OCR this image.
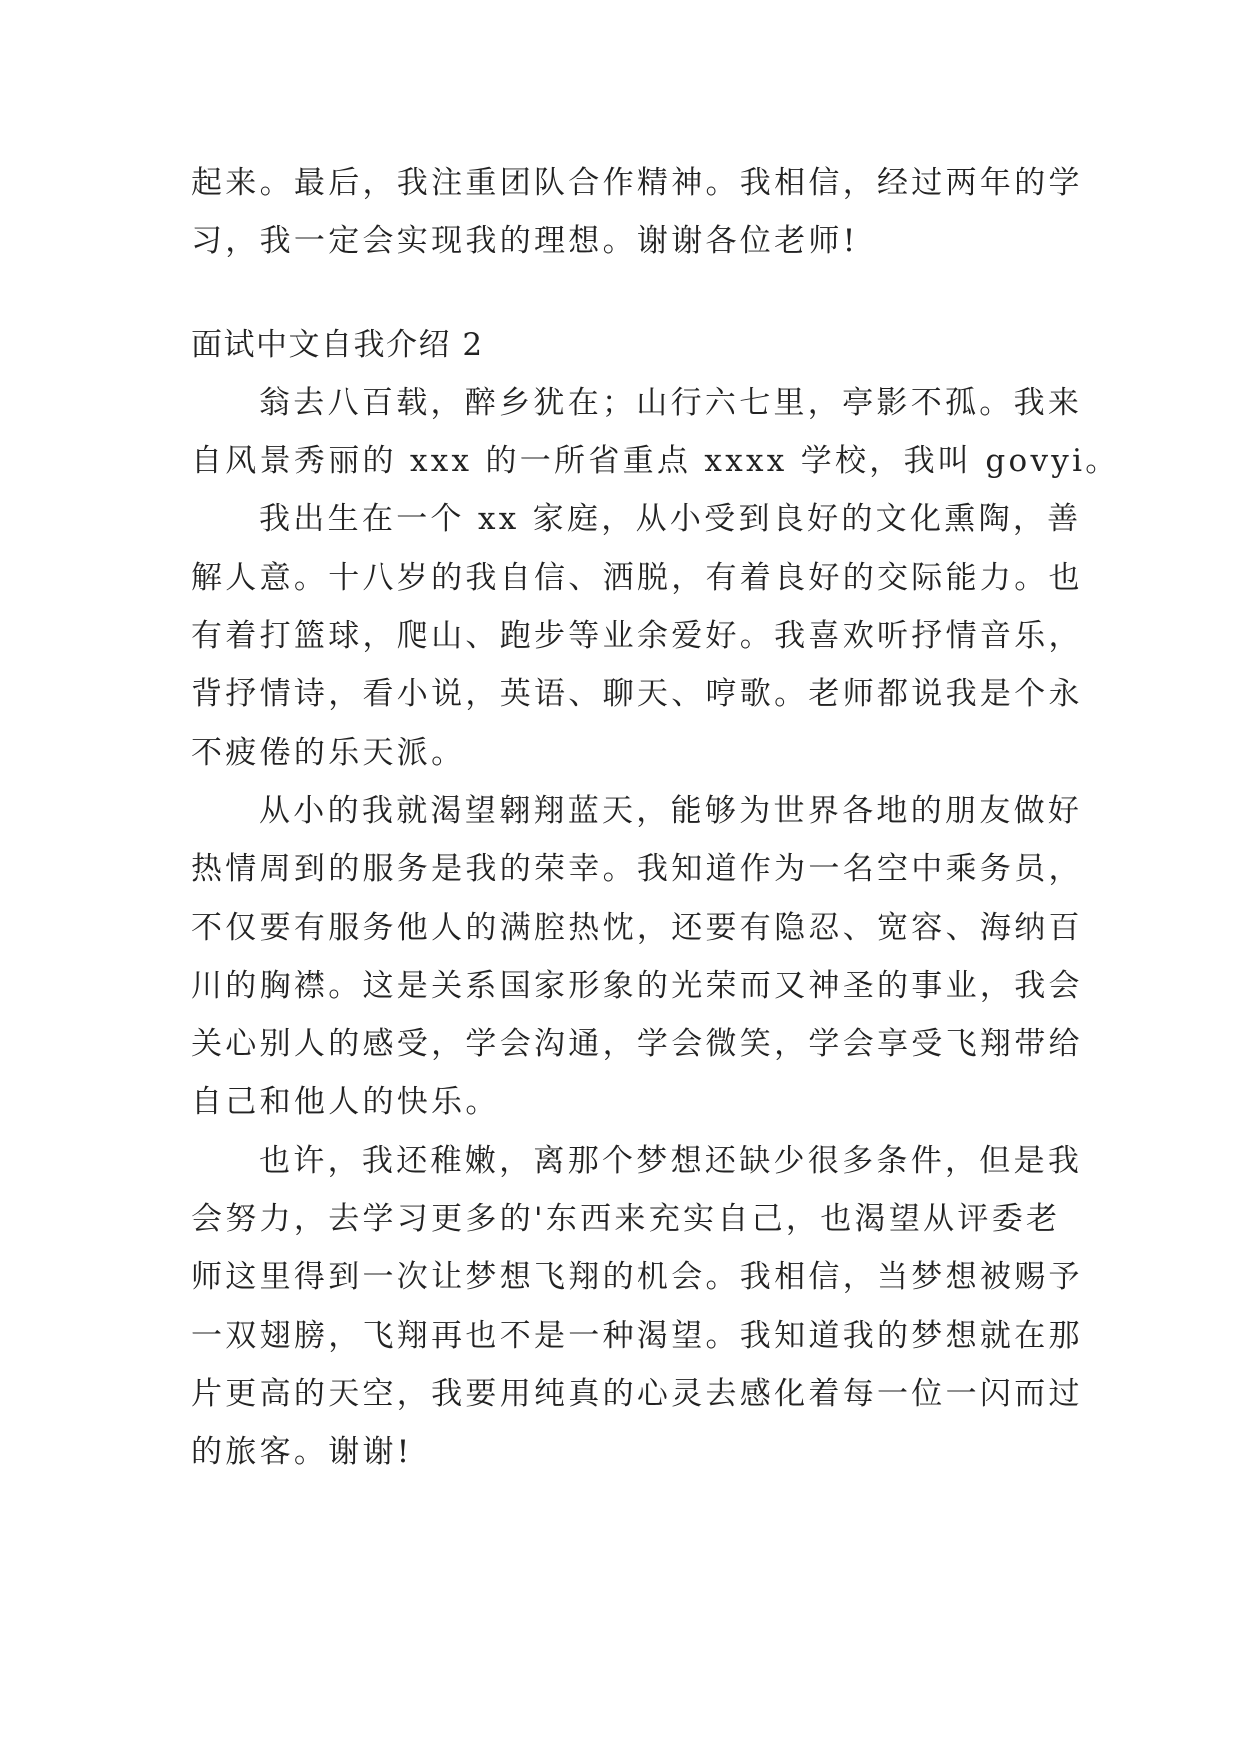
起来。最后，我注重团队合作精神。我相信，经过两年的学
习，我一定会实现我的理想。谢谢各位老师!
面试中文自我介绍 2
翁去八百载，醉乡犹在；山行六七里，亭影不孤。我来
自风景秀丽的 xxx 的一所省重点 xxxx 学校，我叫 govyi。
我出生在一个 xx 家庭，从小受到良好的文化熏陶，善
解人意。十八岁的我自信、洒脱，有着良好的交际能力。也
有着打篮球，爬山、跑步等业余爱好。我喜欢听抒情音乐，
背抒情诗，看小说，英语、聊天、哼歌。老师都说我是个永
不疲倦的乐天派。
从小的我就渴望翱翔蓝天，能够为世界各地的朋友做好
热情周到的服务是我的荣幸。我知道作为一名空中乘务员，
不仅要有服务他人的满腔热忱，还要有隐忍、宽容、海纳百
川的胸襟。这是关系国家形象的光荣而又神圣的事业，我会
关心别人的感受，学会沟通，学会微笑，学会享受飞翔带给
自己和他人的快乐。
也许，我还稚嫩，离那个梦想还缺少很多条件，但是我
会努力，去学习更多的'东西来充实自己，也渴望从评委老
师这里得到一次让梦想飞翔的机会。我相信，当梦想被赐予
一双翅膀，飞翔再也不是一种渴望。我知道我的梦想就在那
片更高的天空，我要用纯真的心灵去感化着每一位一闪而过
的旅客。谢谢!
